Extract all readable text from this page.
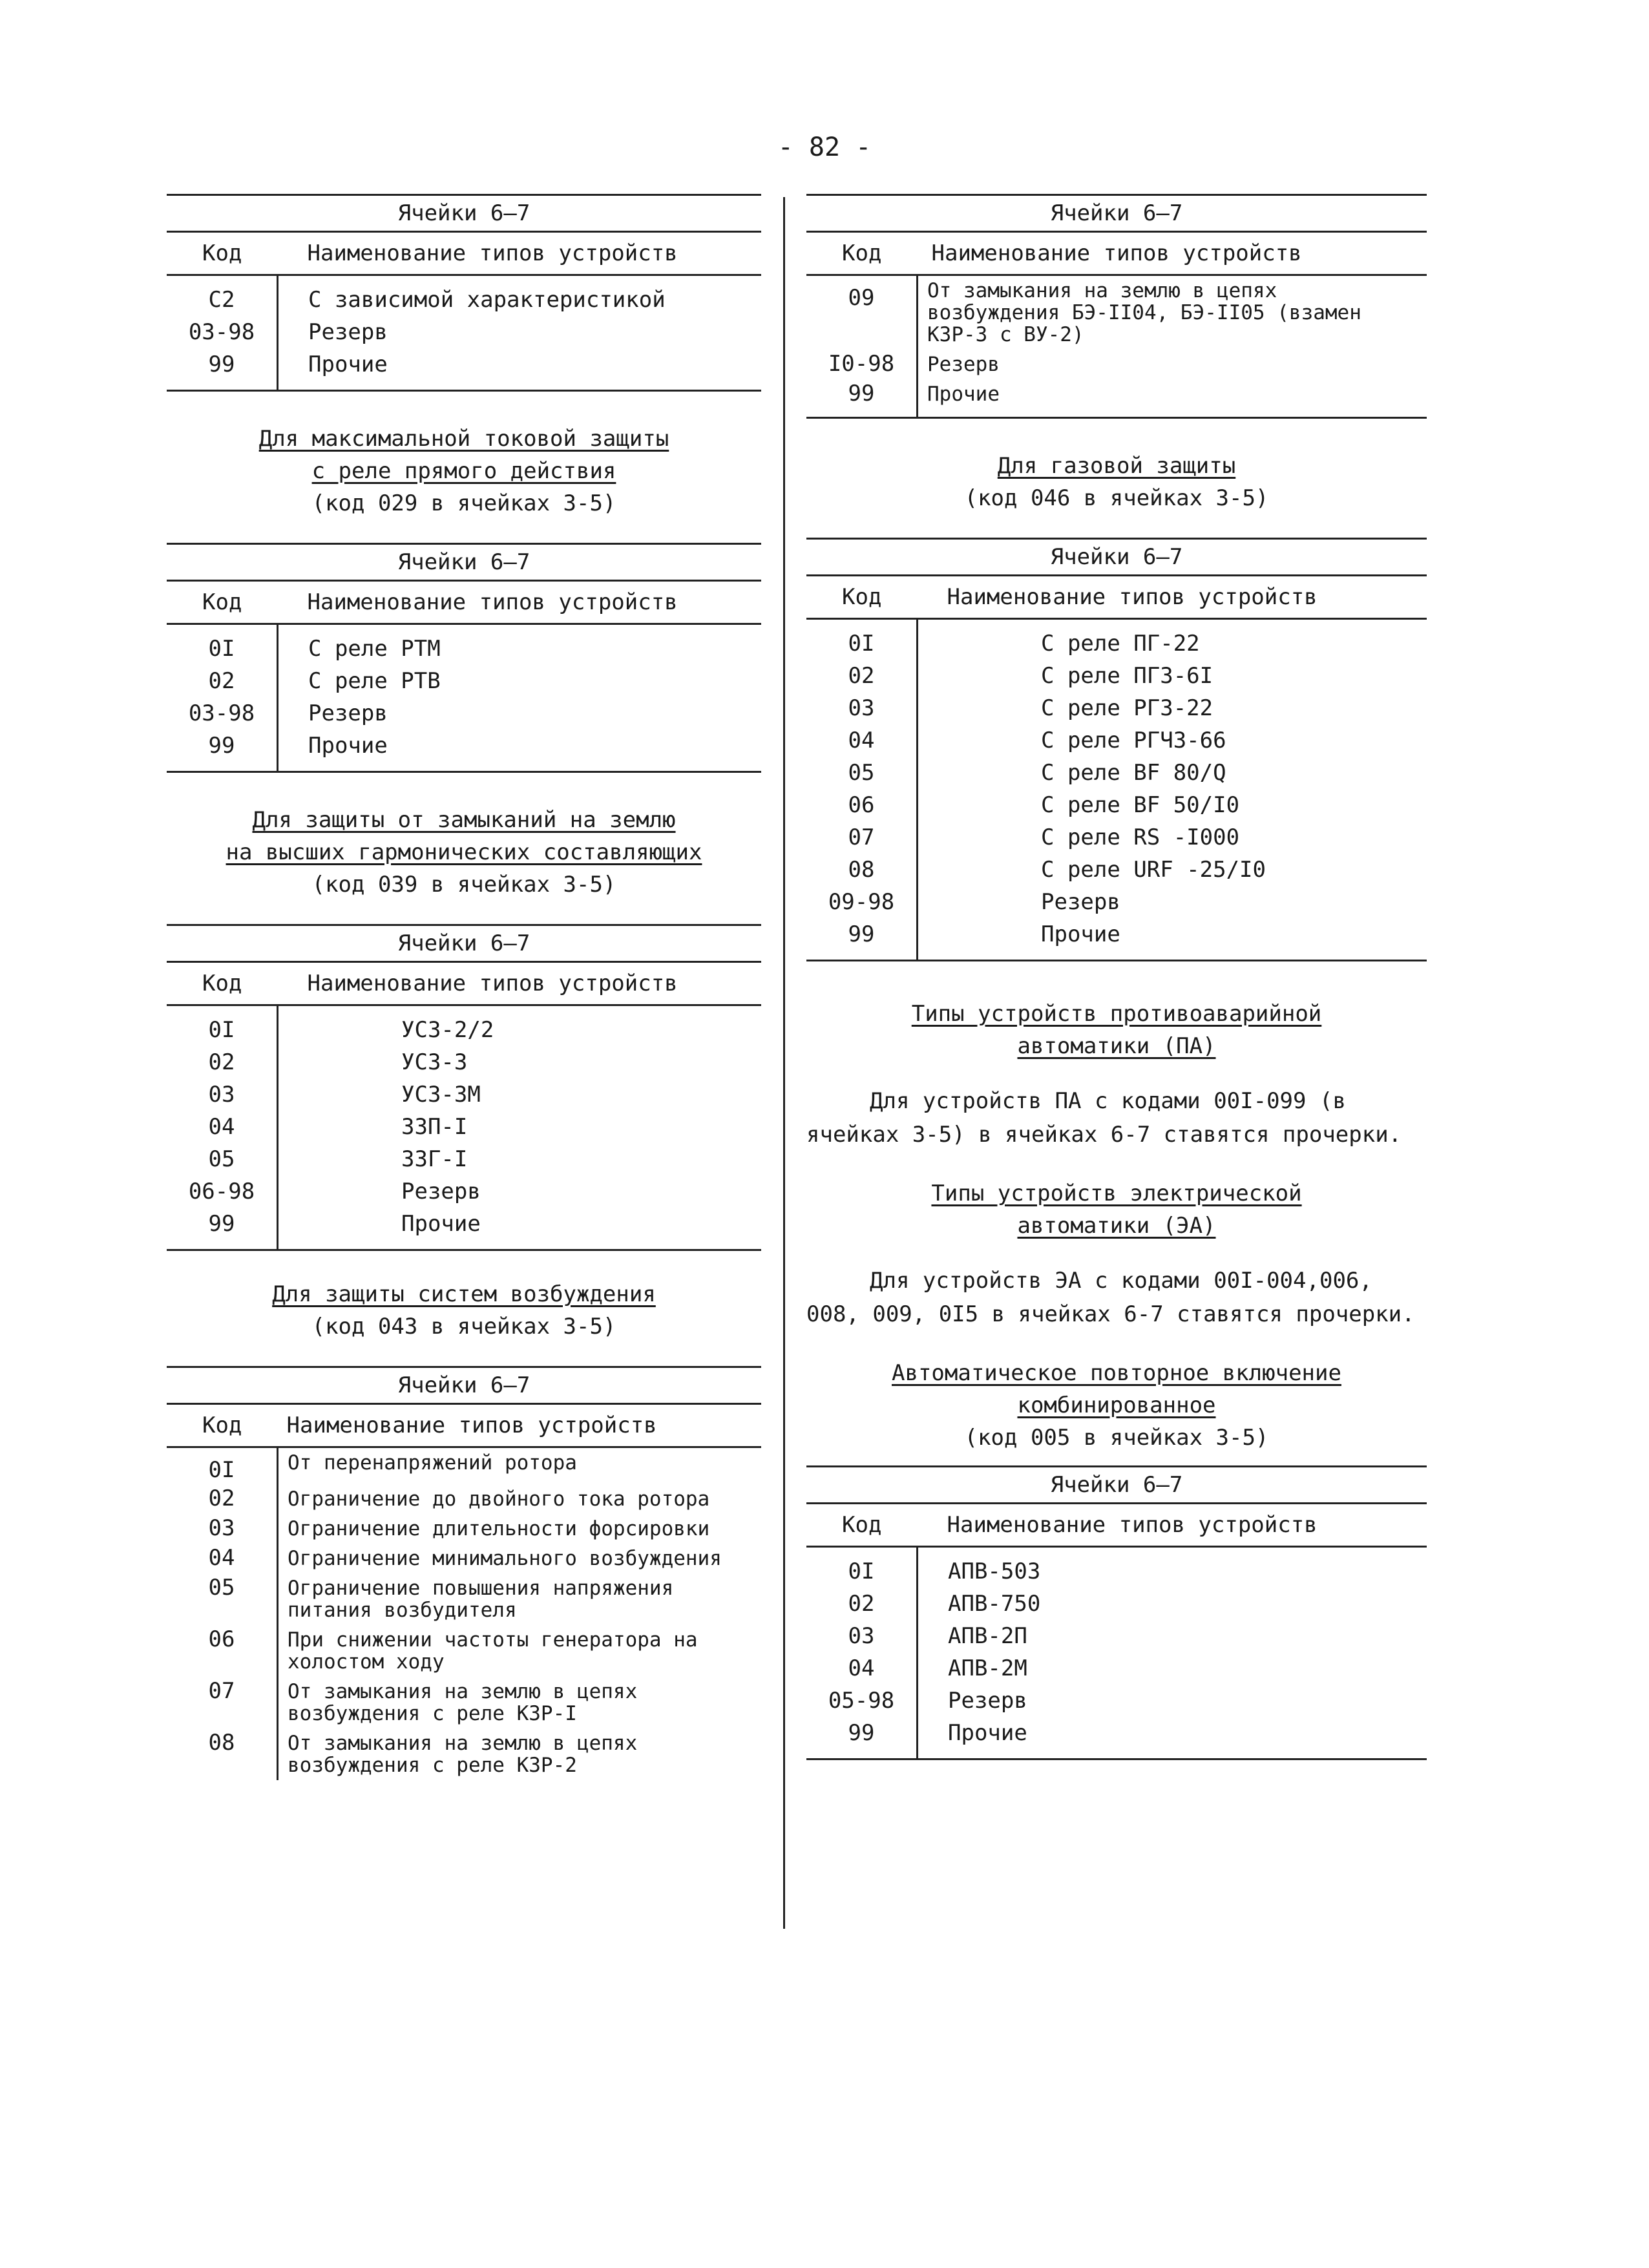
- 82 -
Ячейки 6–7
Код	Наименование типов устройств
С2	С зависимой характеристикой
03-98	Резерв
99	Прочие
Для максимальной токовой защиты
с реле прямого действия
(код 029 в ячейках 3-5)
Ячейки 6–7
Код	Наименование типов устройств
0I	С реле РТМ
02	С реле РТВ
03-98	Резерв
99	Прочие
Для защиты от замыканий на землю
на высших гармонических составляющих
(код 039 в ячейках 3-5)
Ячейки 6–7
Код	Наименование типов устройств
0I	УСЗ-2/2
02	УСЗ-3
03	УСЗ-3М
04	ЗЗП-I
05	ЗЗГ-I
06-98	Резерв
99	Прочие
Для защиты систем возбуждения
(код 043 в ячейках 3-5)
Ячейки 6–7
Код	Наименование типов устройств
0I	От перенапряжений ротора
02	Ограничение до двойного тока ротора
03	Ограничение длительности форсировки
04	Ограничение минимального возбуждения
05	Ограничение повышения напряжения питания возбудителя
06	При снижении частоты генератора на холостом ходу
07	От замыкания на землю в цепях возбуждения с реле КЗР-I
08	От замыкания на землю в цепях возбуждения с реле КЗР-2
Ячейки 6–7
Код	Наименование типов устройств
09	От замыкания на землю в цепях возбуждения БЭ-II04, БЭ-II05 (взамен КЗР-3 с ВУ-2)
I0-98	Резерв
99	Прочие
Для газовой защиты
(код 046 в ячейках 3-5)
Ячейки 6–7
Код	Наименование типов устройств
0I	С реле ПГ-22
02	С реле ПГЗ-6I
03	С реле РГЗ-22
04	С реле РГЧЗ-66
05	С реле BF 80/Q
06	С реле BF 50/I0
07	С реле RS -I000
08	С реле URF -25/I0
09-98	Резерв
99	Прочие
Типы устройств противоаварийной
автоматики (ПА)
Для устройств ПА с кодами 00I-099 (в ячейках 3-5) в ячейках 6-7 ставятся прочерки.
Типы устройств электрической
автоматики (ЭА)
Для устройств ЭА с кодами 00I-004,006, 008, 009, 0I5 в ячейках 6-7 ставятся прочерки.
Автоматическое повторное включение
комбинированное
(код 005 в ячейках 3-5)
Ячейки 6–7
Код	Наименование типов устройств
0I	АПВ-503
02	АПВ-750
03	АПВ-2П
04	АПВ-2М
05-98	Резерв
99	Прочие
